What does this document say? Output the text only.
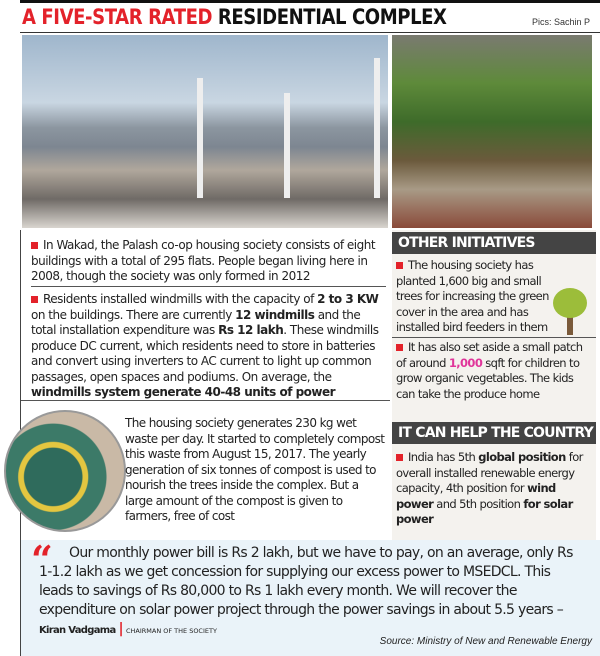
A FIVE-STAR RATED RESIDENTIAL COMPLEX	Pics: Sachin P
In Wakad, the Palash co-op housing society consists of eight buildings with a total of 295 flats. People began living here in 2008, though the society was only formed in 2012
Residents installed windmills with the capacity of 2 to 3 KW on the buildings. There are currently 12 windmills and the total installation expenditure was Rs 12 lakh. These windmills produce DC current, which residents need to store in batteries and convert using inverters to AC current to light up common passages, open spaces and podiums. On average, the windmills system generate 40-48 units of power
The housing society generates 230 kg wet waste per day. It started to completely compost this waste from August 15, 2017. The yearly generation of six tonnes of compost is used to nourish the trees inside the complex. But a large amount of the compost is given to farmers, free of cost
OTHER INITIATIVES
The housing society has planted 1,600 big and small trees for increasing the green cover in the area and has installed bird feeders in them
It has also set aside a small patch of around 1,000 sqft for children to grow organic vegetables. The kids can take the produce home
IT CAN HELP THE COUNTRY
India has 5th global position for overall installed renewable energy capacity, 4th position for wind power and 5th position for solar power
“	Our monthly power bill is Rs 2 lakh, but we have to pay, on an average, only Rs 1-1.2 lakh as we get concession for supplying our excess power to MSEDCL. This leads to savings of Rs 80,000 to Rs 1 lakh every month. We will recover the expenditure on solar power project through the power savings in about 5.5 years – Kiran Vadgama | CHAIRMAN OF THE SOCIETY
Source: Ministry of New and Renewable Energy
